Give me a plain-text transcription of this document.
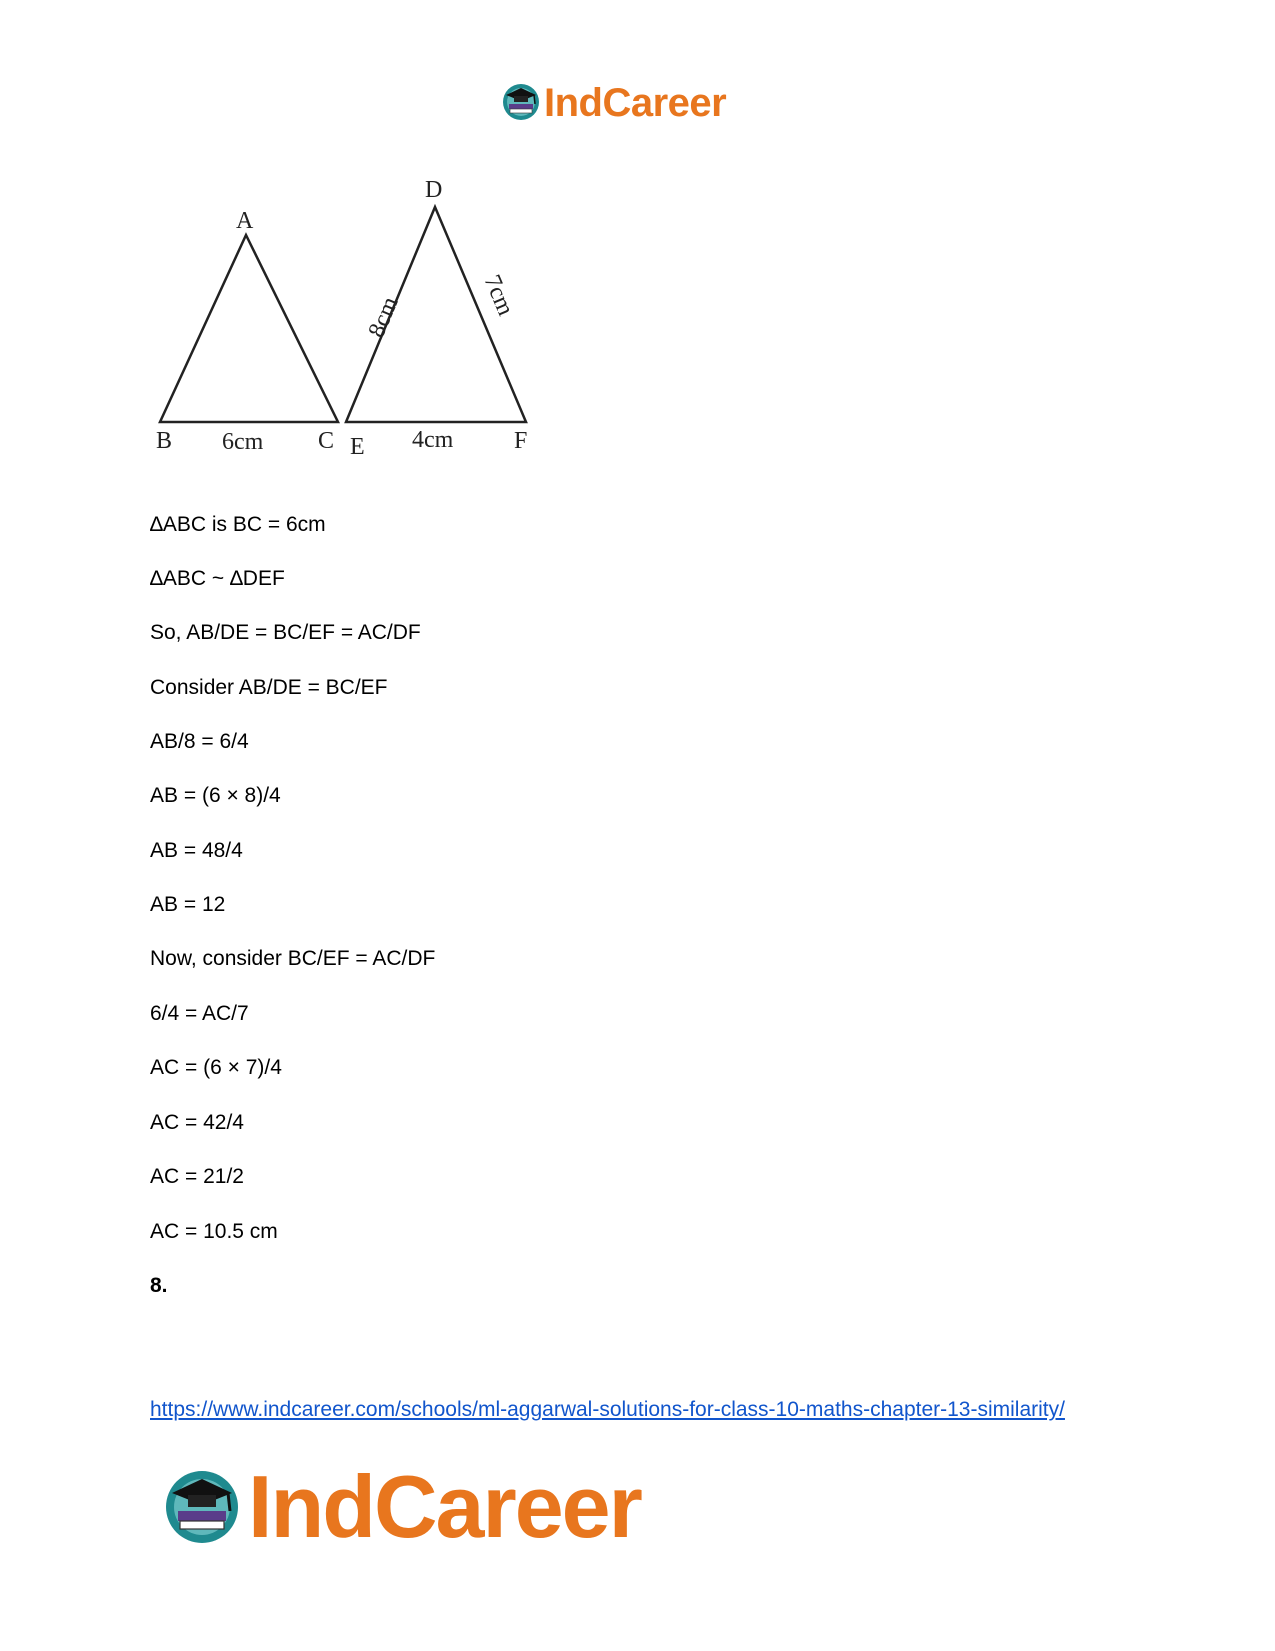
IndCareer
A
B	C
6cm
D
E	F
4cm
8cm	7cm
∆ABC is BC = 6cm
∆ABC ~ ∆DEF
So, AB/DE = BC/EF = AC/DF
Consider AB/DE = BC/EF
AB/8 = 6/4
AB = (6 × 8)/4
AB = 48/4
AB = 12
Now, consider BC/EF = AC/DF
6/4 = AC/7
AC = (6 × 7)/4
AC = 42/4
AC = 21/2
AC = 10.5 cm
8.
https://www.indcareer.com/schools/ml-aggarwal-solutions-for-class-10-maths-chapter-13-similarity/
IndCareer
